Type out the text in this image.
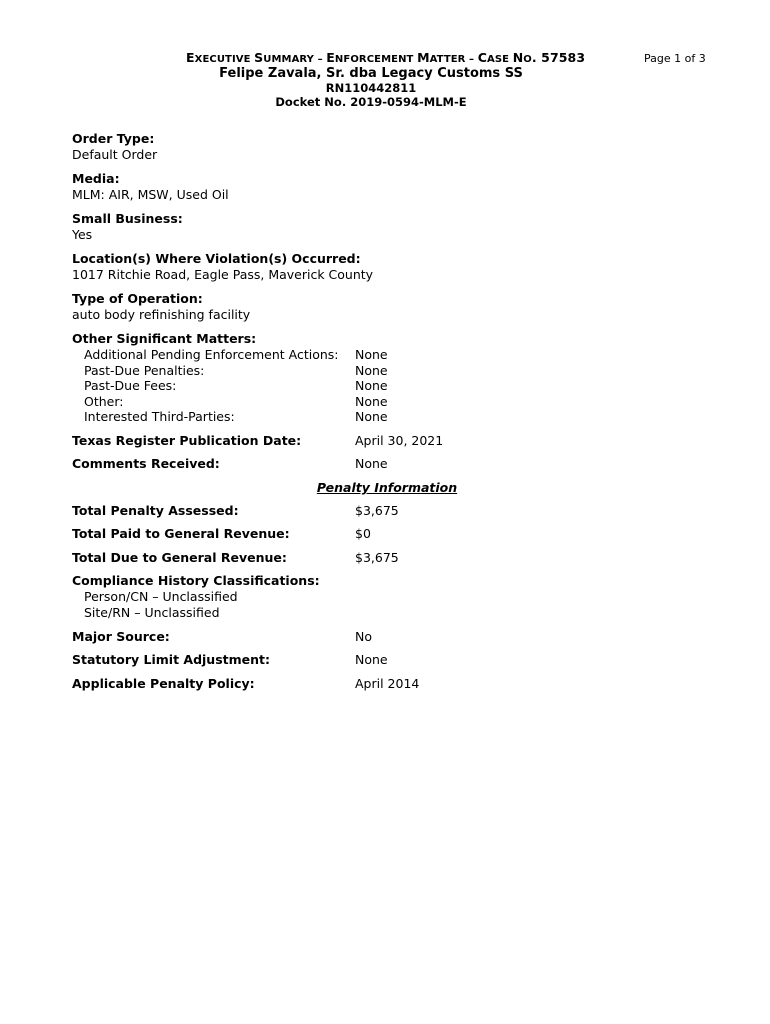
EXECUTIVE SUMMARY – ENFORCEMENT MATTER – CASE NO. 57583	Page 1 of 3
Felipe Zavala, Sr. dba Legacy Customs SS
RN110442811
Docket No. 2019-0594-MLM-E
Order Type:
Default Order
Media:
MLM: AIR, MSW, Used Oil
Small Business:
Yes
Location(s) Where Violation(s) Occurred:
1017 Ritchie Road, Eagle Pass, Maverick County
Type of Operation:
auto body refinishing facility
Other Significant Matters:
Additional Pending Enforcement Actions:	None
Past-Due Penalties:	None
Past-Due Fees:	None
Other:	None
Interested Third-Parties:	None
Texas Register Publication Date:	April 30, 2021
Comments Received:	None
Penalty Information
Total Penalty Assessed:	$3,675
Total Paid to General Revenue:	$0
Total Due to General Revenue:	$3,675
Compliance History Classifications:
Person/CN – Unclassified
Site/RN – Unclassified
Major Source:	No
Statutory Limit Adjustment:	None
Applicable Penalty Policy:	April 2014
